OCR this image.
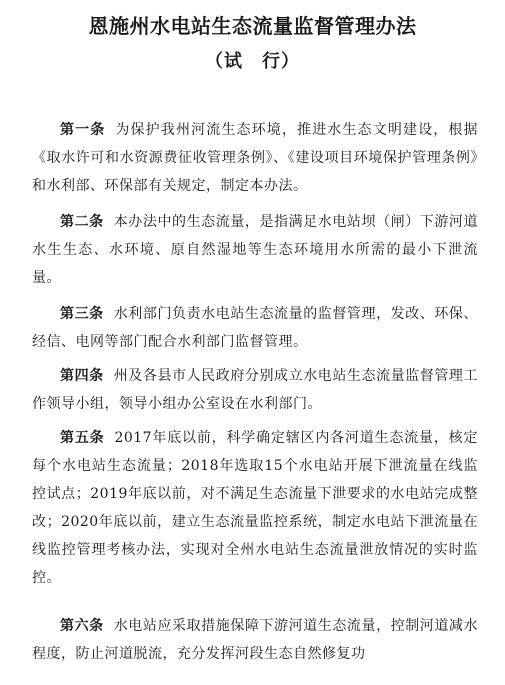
恩施州水电站生态流量监督管理办法
（试　行）

第一条 为保护我州河流生态环境，推进水生态文明建设，根据《取水许可和水资源费征收管理条例》、《建设项目环境保护管理条例》和水利部、环保部有关规定，制定本办法。

第二条 本办法中的生态流量，是指满足水电站坝（闸）下游河道水生生态、水环境、原自然湿地等生态环境用水所需的最小下泄流量。

第三条 水利部门负责水电站生态流量的监督管理，发改、环保、经信、电网等部门配合水利部门监督管理。

第四条 州及各县市人民政府分别成立水电站生态流量监督管理工作领导小组，领导小组办公室设在水利部门。

第五条 2017年底以前，科学确定辖区内各河道生态流量，核定每个水电站生态流量；2018年选取15个水电站开展下泄流量在线监控试点；2019年底以前，对不满足生态流量下泄要求的水电站完成整改；2020年底以前，建立生态流量监控系统，制定水电站下泄流量在线监控管理考核办法，实现对全州水电站生态流量泄放情况的实时监控。

第六条 水电站应采取措施保障下游河道生态流量，控制河道减水程度，防止河道脱流，充分发挥河段生态自然修复功
